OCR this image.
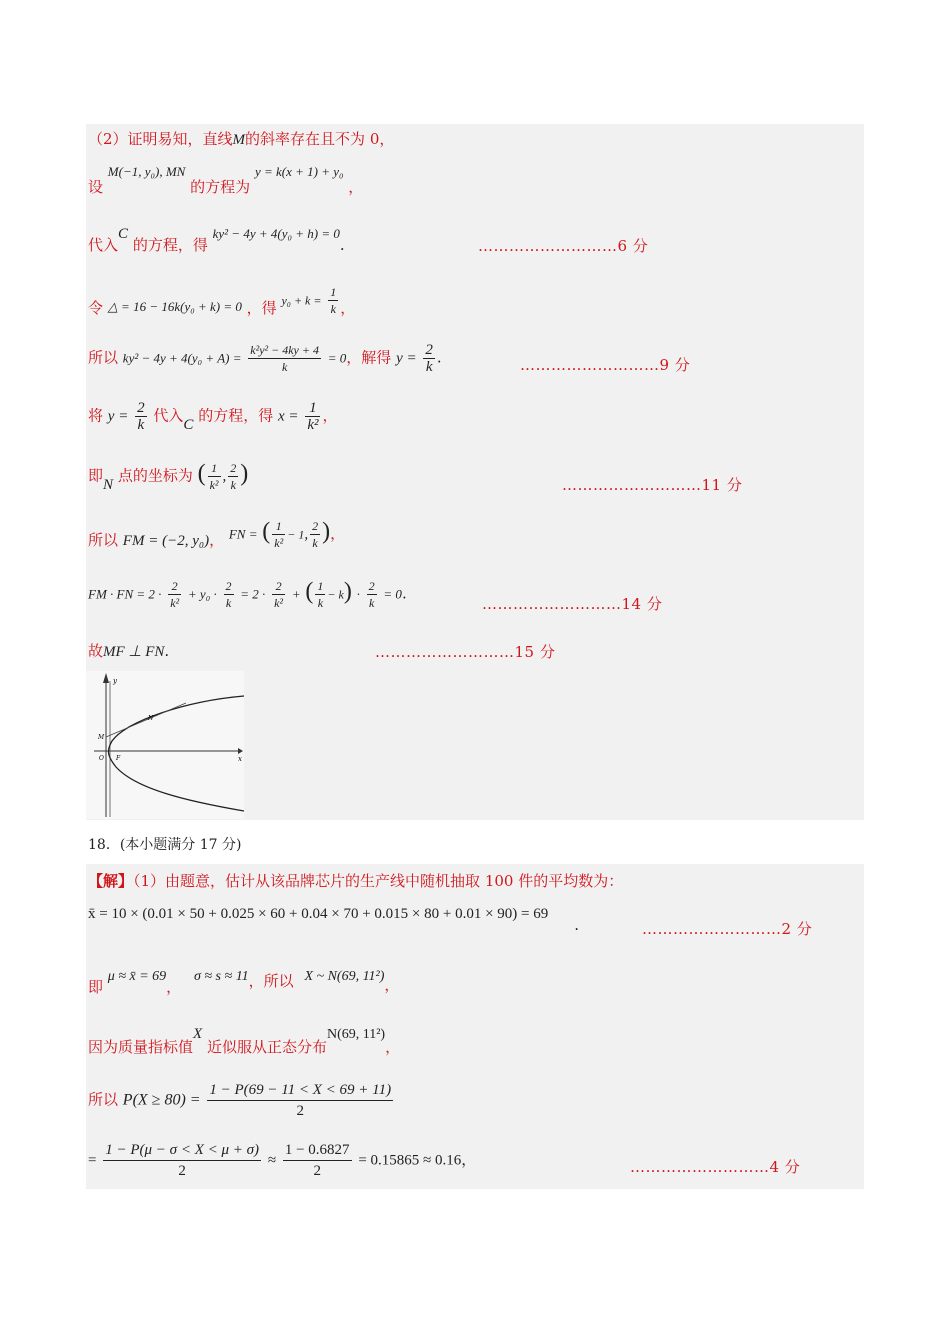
（2）证明易知，直线M的斜率存在且不为 0，
设 M(−1, y₀), MN 的方程为 y = k(x + 1) + y₀ ，
代入C 的方程，得 ky² − 4y + 4(y₀ + h) = 0.	………………………6 分
令 △ = 16 − 16k(y₀ + k) = 0 ，得 $y_0 + k = \frac{1}{k}$ ，
所以 $ky^2 - 4y + 4(y_0 + A) = \frac{\text{k²y² − 4ky + 4}}{k} = 0$，解得 $y = \frac{2}{k}$ .	………………………9 分
将 $y = \frac{2}{k}$ 代入C 的方程，得 $x = \frac{1}{\text{k²}}$ ，
即N 点的坐标为 ( $\frac{1}{\text{k²}}$ , $\frac{2}{k}$ )	………………………11 分
所以 FM = (−2, y₀)， FN = ( $\frac{1}{\text{k²}} - 1$, $\frac{2}{k}$ )，
FM · FN = $2 \cdot \frac{2}{\text{k²}} + y_0 \cdot \frac{2}{k} = 2 \cdot \frac{2}{\text{k²}}$ + ( $\frac{1}{k} - k) \cdot \frac{2}{k} = 0$.
………………………14 分
故MF ⊥ FN.	………………………15 分
y
x
M
N
O F
18．(本小题满分 17 分)
【解】（1）由题意，估计从该品牌芯片的生产线中随机抽取 100 件的平均数为：
x̄ = 10 × (0.01 × 50 + 0.025 × 60 + 0.04 × 70 + 0.015 × 80 + 0.01 × 90) = 69.	………………………2 分
即 μ ≈ x̄ = 69， σ ≈ s ≈ 11，所以 X ~ N(69, 11²)，
因为质量指标值X 近似服从正态分布N(69, 11²)，
所以 $P(X \ge 80) = \frac{1 - P(69 - 11 < X < 69 + 11)}{2}$
= $\frac{1 - P(\mu - \sigma < X < \mu + \sigma)}{2} \approx \frac{1 - 0.6827}{2} = 0.15865 \approx 0.16$，	………………………4 分
